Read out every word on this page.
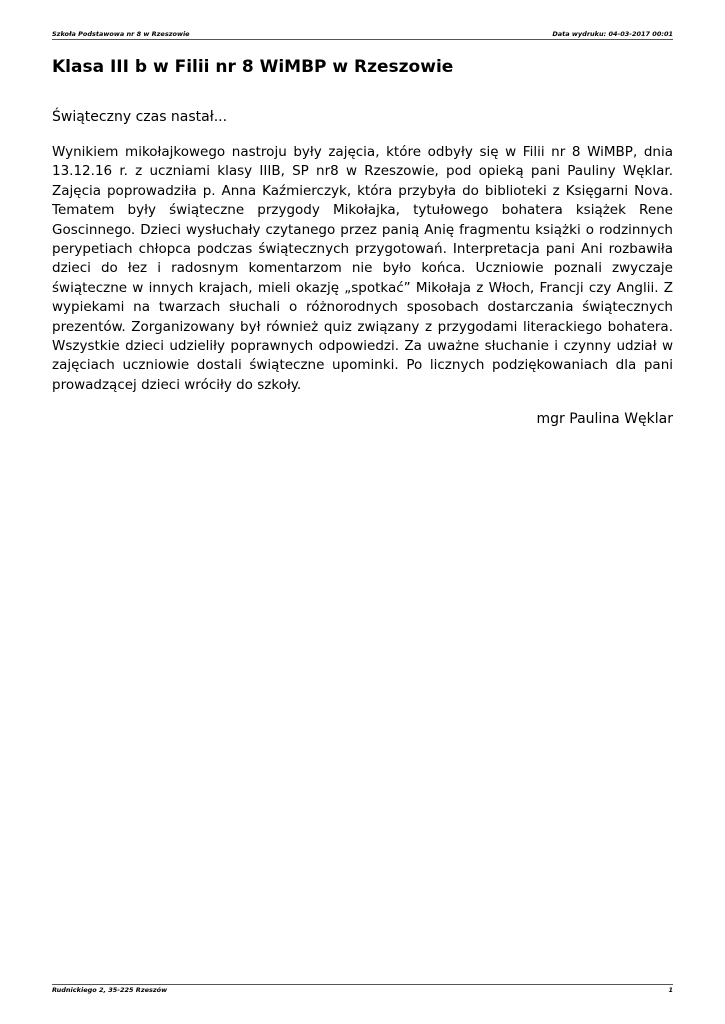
Szkoła Podstawowa nr 8 w Rzeszowie	Data wydruku: 04-03-2017 00:01
Klasa III b w Filii nr 8 WiMBP w Rzeszowie

Świąteczny czas nastał...

Wynikiem mikołajkowego nastroju były zajęcia, które odbyły się w Filii nr 8 WiMBP, dnia 13.12.16 r. z uczniami klasy IIIB, SP nr8 w Rzeszowie, pod opieką pani Pauliny Węklar. Zajęcia poprowadziła p. Anna Kaźmierczyk, która przybyła do biblioteki z Księgarni Nova. Tematem były świąteczne przygody Mikołajka, tytułowego bohatera książek Rene Goscinnego. Dzieci wysłuchały czytanego przez panią Anię fragmentu książki o rodzinnych perypetiach chłopca podczas świątecznych przygotowań. Interpretacja pani Ani rozbawiła dzieci do łez i radosnym komentarzom nie było końca. Uczniowie poznali zwyczaje świąteczne w innych krajach, mieli okazję „spotkać” Mikołaja z Włoch, Francji czy Anglii. Z wypiekami na twarzach słuchali o różnorodnych sposobach dostarczania świątecznych prezentów. Zorganizowany był również quiz związany z przygodami literackiego bohatera. Wszystkie dzieci udzieliły poprawnych odpowiedzi. Za uważne słuchanie i czynny udział w zajęciach uczniowie dostali świąteczne upominki. Po licznych podziękowaniach dla pani prowadzącej dzieci wróciły do szkoły.

mgr Paulina Węklar

Rudnickiego 2, 35-225 Rzeszów	1
